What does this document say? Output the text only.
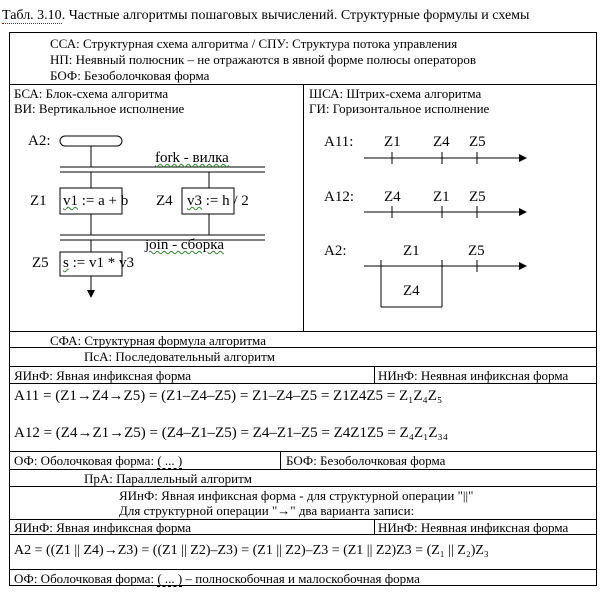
Табл. 3.10. Частные алгоритмы пошаговых вычислений. Структурные формулы и схемы
ССА: Структурная схема алгоритма / СПУ: Структура потока управления
НП: Неявный полюсник – не отражаются в явной форме полюсы операторов
БОФ: Безоболочковая форма
БСА: Блок-схема алгоритма
ВИ: Вертикальное исполнение
ШСА: Штрих-схема алгоритма
ГИ: Горизонтальное исполнение
А2:
fork - вилка
Z1 v1 := a + b Z4 v3 := h / 2
join - сборка
Z5 s := v1 * v3
А11: Z1 Z4 Z5
А12: Z4 Z1 Z5
А2:	Z1	Z5
Z4
СФА: Структурная формула алгоритма
ПсА: Последовательный алгоритм
ЯИнФ: Явная инфиксная форма	НИнФ: Неявная инфиксная форма
А11 = (Z1→Z4→Z5) = (Z1–Z4–Z5) = Z1–Z4–Z5 = Z1Z4Z5 = Z₁Z₄Z₅
А12 = (Z4→Z1→Z5) = (Z4–Z1–Z5) = Z4–Z1–Z5 = Z4Z1Z5 = Z₄Z₁Z₃₄
ОФ: Оболочковая форма: ( ... )	БОФ: Безоболочковая форма
ПрА: Параллельный алгоритм
ЯИнФ: Явная инфиксная форма - для структурной операции "||"
Для структурной операции "→" два варианта записи:
ЯИнФ: Явная инфиксная форма	НИнФ: Неявная инфиксная форма
А2 = ((Z1 || Z4)→Z3) = ((Z1 || Z2)–Z3) = (Z1 || Z2)–Z3 = (Z1 || Z2)Z3 = (Z₁ || Z₂)Z₃
ОФ: Оболочковая форма: ( ... ) – полноскобочная и малоскобочная форма
